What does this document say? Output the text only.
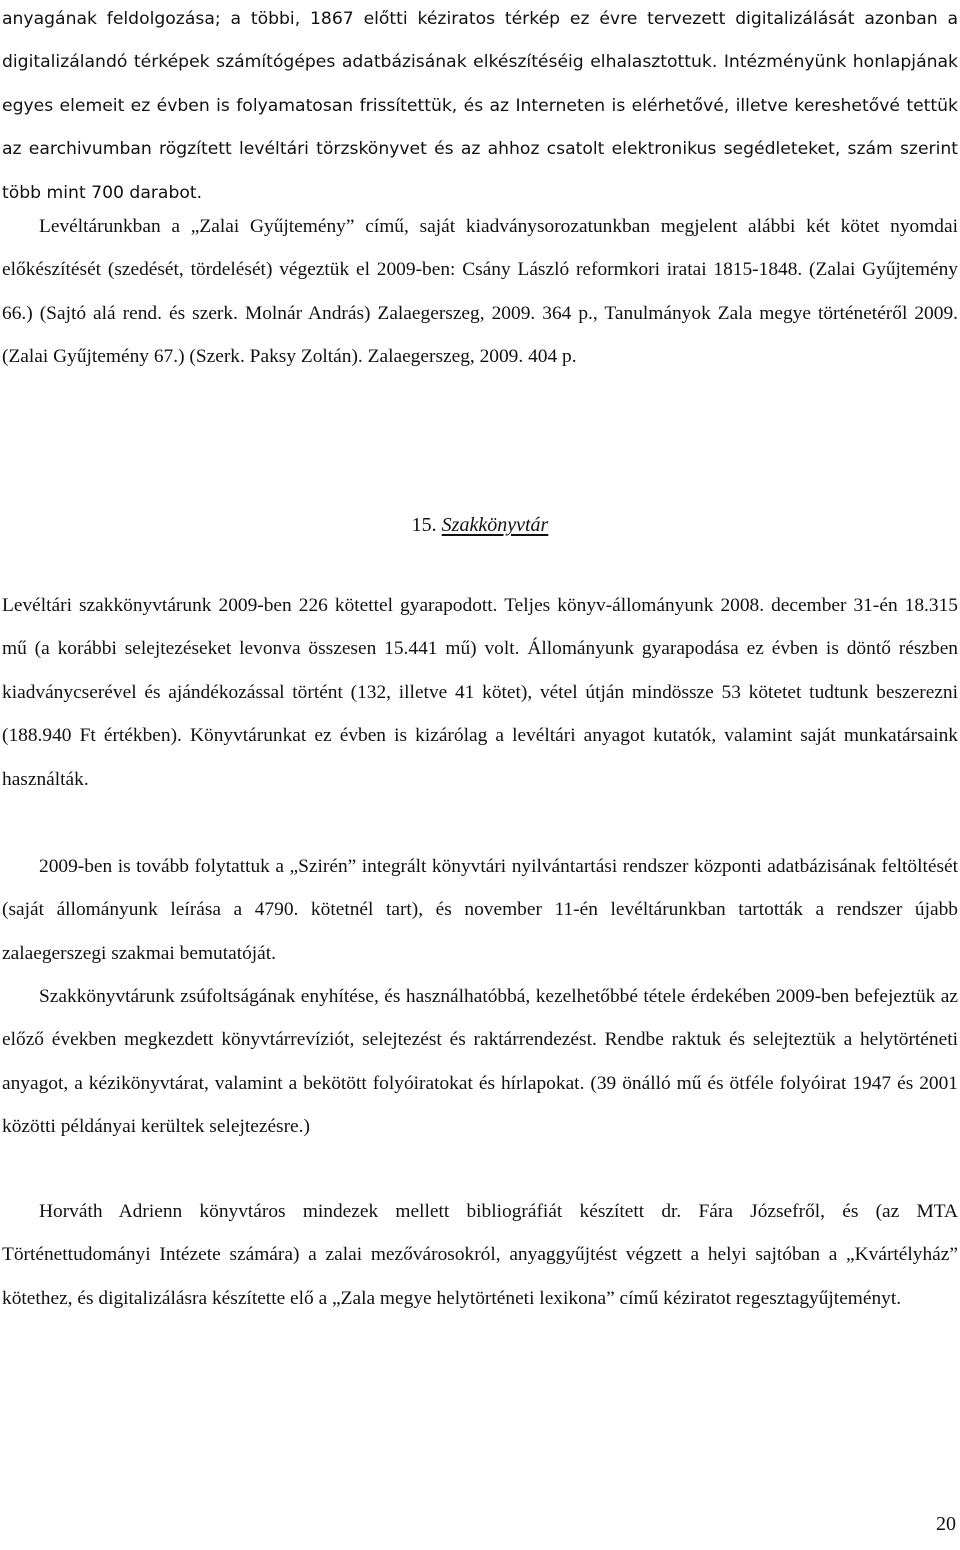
anyagának feldolgozása; a többi, 1867 előtti kéziratos térkép ez évre tervezett digitalizálását azonban a digitalizálandó térképek számítógépes adatbázisának elkészítéséig elhalasztottuk. Intézményünk honlapjának egyes elemeit ez évben is folyamatosan frissítettük, és az Interneten is elérhetővé, illetve kereshetővé tettük az earchivumban rögzített levéltári törzskönyvet és az ahhoz csatolt elektronikus segédleteket, szám szerint több mint 700 darabot.

Levéltárunkban a „Zalai Gyűjtemény” című, saját kiadványsorozatunkban megjelent alábbi két kötet nyomdai előkészítését (szedését, tördelését) végeztük el 2009-ben: Csány László reformkori iratai 1815-1848. (Zalai Gyűjtemény 66.) (Sajtó alá rend. és szerk. Molnár András) Zalaegerszeg, 2009. 364 p., Tanulmányok Zala megye történetéről 2009. (Zalai Gyűjtemény 67.) (Szerk. Paksy Zoltán). Zalaegerszeg, 2009. 404 p.

15. Szakkönyvtár

Levéltári szakkönyvtárunk 2009-ben 226 kötettel gyarapodott. Teljes könyv-állományunk 2008. december 31-én 18.315 mű (a korábbi selejtezéseket levonva összesen 15.441 mű) volt. Állományunk gyarapodása ez évben is döntő részben kiadványcserével és ajándékozással történt (132, illetve 41 kötet), vétel útján mindössze 53 kötetet tudtunk beszerezni (188.940 Ft értékben). Könyvtárunkat ez évben is kizárólag a levéltári anyagot kutatók, valamint saját munkatársaink használták.

2009-ben is tovább folytattuk a „Szirén” integrált könyvtári nyilvántartási rendszer központi adatbázisának feltöltését (saját állományunk leírása a 4790. kötetnél tart), és november 11-én levéltárunkban tartották a rendszer újabb zalaegerszegi szakmai bemutatóját.

Szakkönyvtárunk zsúfoltságának enyhítése, és használhatóbbá, kezelhetőbbé tétele érdekében 2009-ben befejeztük az előző években megkezdett könyvtárrevíziót, selejtezést és raktárrendezést. Rendbe raktuk és selejteztük a helytörténeti anyagot, a kézikönyvtárat, valamint a bekötött folyóiratokat és hírlapokat. (39 önálló mű és ötféle folyóirat 1947 és 2001 közötti példányai kerültek selejtezésre.)

Horváth Adrienn könyvtáros mindezek mellett bibliográfiát készített dr. Fára Józsefről, és (az MTA Történettudományi Intézete számára) a zalai mezővárosokról, anyaggyűjtést végzett a helyi sajtóban a „Kvártélyház” kötethez, és digitalizálásra készítette elő a „Zala megye helytörténeti lexikona” című kéziratot regesztagyűjteményt.

20
